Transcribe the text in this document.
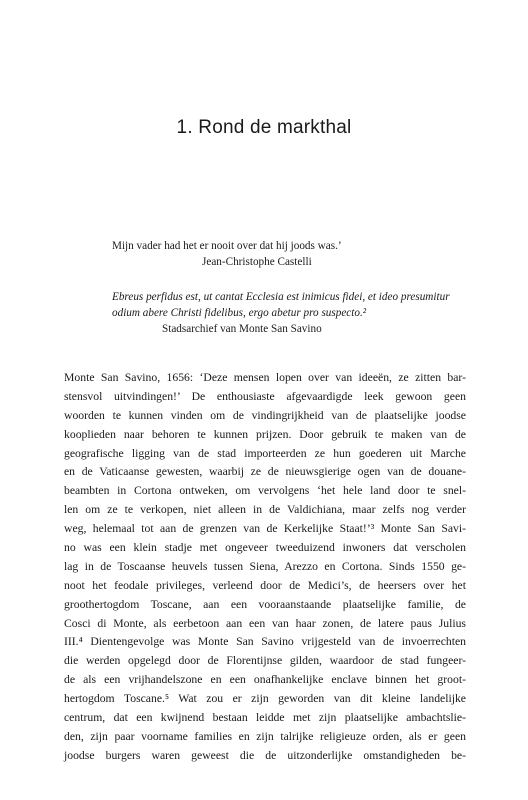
1. Rond de markthal
Mijn vader had het er nooit over dat hij joods was.’
Jean-Christophe Castelli
Ebreus perfidus est, ut cantat Ecclesia est inimicus fidei, et ideo presumitur
odium abere Christi fidelibus, ergo abetur pro suspecto.²
Stadsarchief van Monte San Savino
Monte San Savino, 1656: ‘Deze mensen lopen over van ideeën, ze zitten bar-
stensvol uitvindingen!’ De enthousiaste afgevaardigde leek gewoon geen
woorden te kunnen vinden om de vindingrijkheid van de plaatselijke joodse
kooplieden naar behoren te kunnen prijzen. Door gebruik te maken van de
geografische ligging van de stad importeerden ze hun goederen uit Marche
en de Vaticaanse gewesten, waarbij ze de nieuwsgierige ogen van de douane-
beambten in Cortona ontweken, om vervolgens ‘het hele land door te snel-
len om ze te verkopen, niet alleen in de Valdichiana, maar zelfs nog verder
weg, helemaal tot aan de grenzen van de Kerkelijke Staat!’³ Monte San Savi-
no was een klein stadje met ongeveer tweeduizend inwoners dat verscholen
lag in de Toscaanse heuvels tussen Siena, Arezzo en Cortona. Sinds 1550 ge-
noot het feodale privileges, verleend door de Medici’s, de heersers over het
groothertogdom Toscane, aan een vooraanstaande plaatselijke familie, de
Cosci di Monte, als eerbetoon aan een van haar zonen, de latere paus Julius
III.⁴ Dientengevolge was Monte San Savino vrijgesteld van de invoerrechten
die werden opgelegd door de Florentijnse gilden, waardoor de stad fungeer-
de als een vrijhandelszone en een onafhankelijke enclave binnen het groot-
hertogdom Toscane.⁵ Wat zou er zijn geworden van dit kleine landelijke
centrum, dat een kwijnend bestaan leidde met zijn plaatselijke ambachtslie-
den, zijn paar voorname families en zijn talrijke religieuze orden, als er geen
joodse burgers waren geweest die de uitzonderlijke omstandigheden be-
